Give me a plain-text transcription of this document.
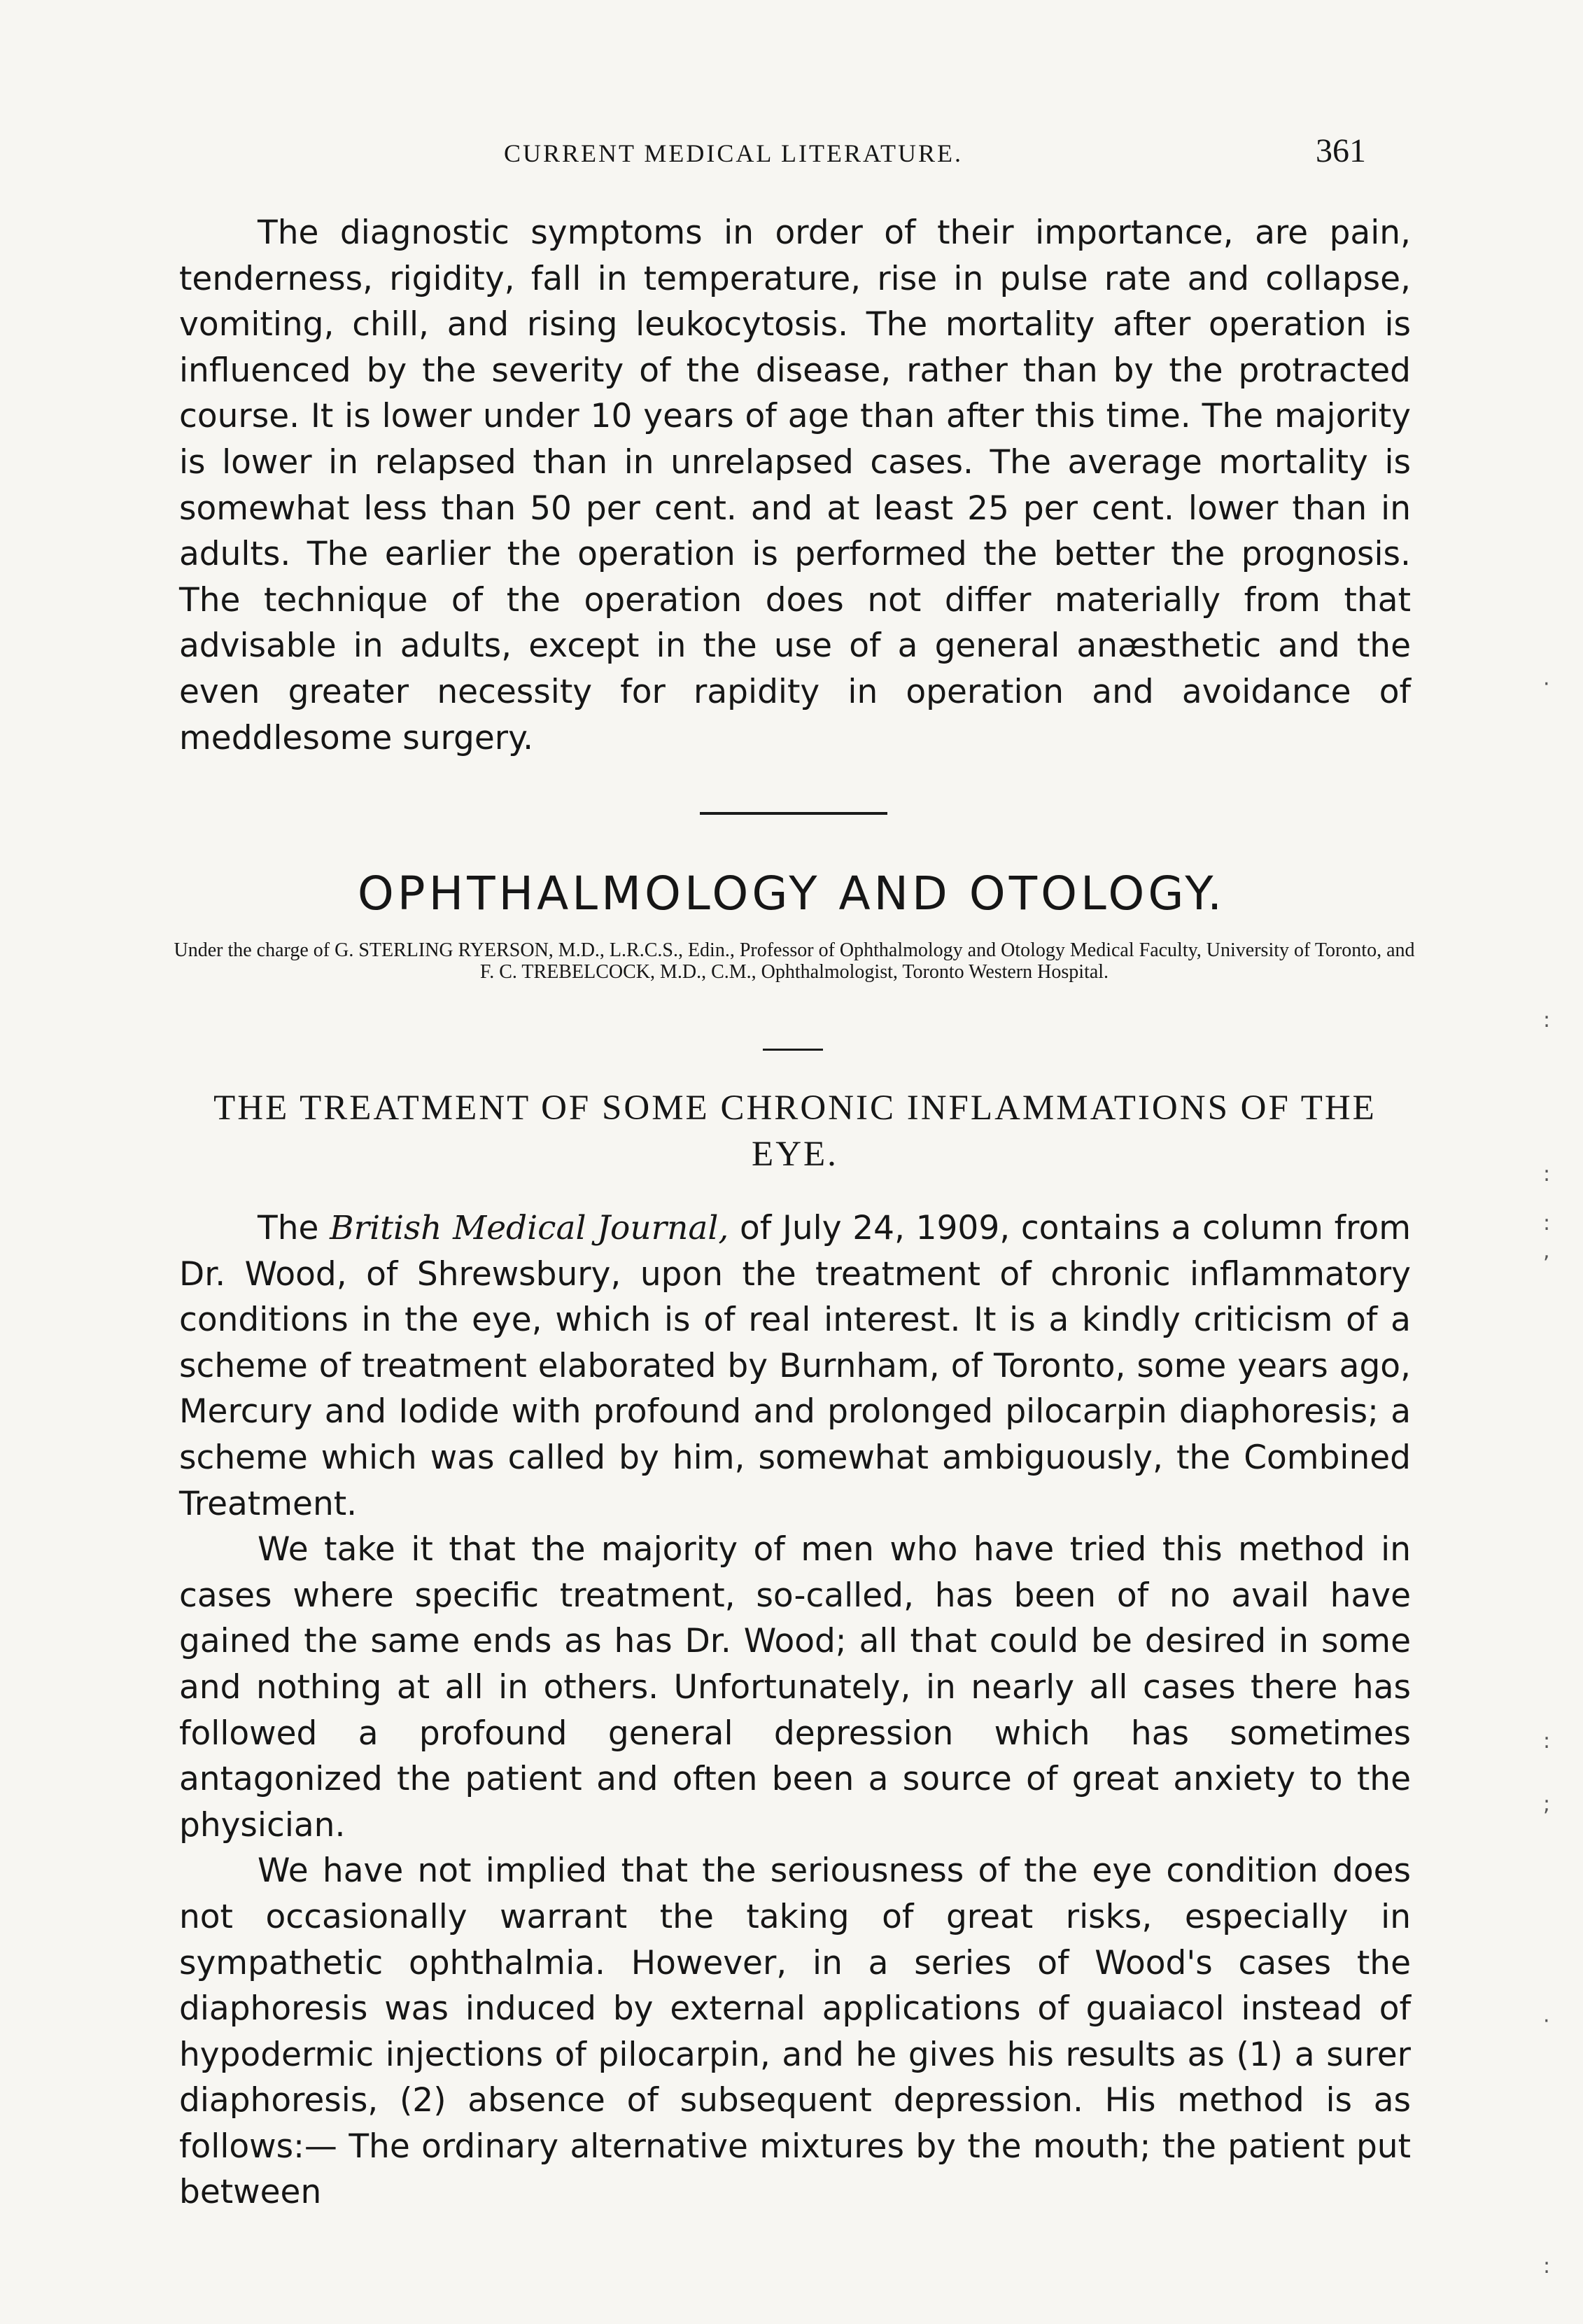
CURRENT MEDICAL LITERATURE.	361

The diagnostic symptoms in order of their importance, are pain, tenderness, rigidity, fall in temperature, rise in pulse rate and collapse, vomiting, chill, and rising leukocytosis. The mortality after operation is influenced by the severity of the disease, rather than by the protracted course. It is lower under 10 years of age than after this time. The majority is lower in relapsed than in unrelapsed cases. The average mortality is somewhat less than 50 per cent. and at least 25 per cent. lower than in adults. The earlier the operation is performed the better the prognosis. The technique of the operation does not differ materially from that advisable in adults, except in the use of a general anæsthetic and the even greater necessity for rapidity in operation and avoidance of meddlesome surgery.

OPHTHALMOLOGY AND OTOLOGY.
Under the charge of G. STERLING RYERSON, M.D., L.R.C.S., Edin., Professor of Ophthalmology and Otology Medical Faculty, University of Toronto, and F. C. TREBELCOCK, M.D., C.M., Ophthalmologist, Toronto Western Hospital.
THE TREATMENT OF SOME CHRONIC INFLAMMATIONS OF THE EYE.

The British Medical Journal, of July 24, 1909, contains a column from Dr. Wood, of Shrewsbury, upon the treatment of chronic inflammatory conditions in the eye, which is of real interest. It is a kindly criticism of a scheme of treatment elaborated by Burnham, of Toronto, some years ago, Mercury and Iodide with profound and prolonged pilocarpin diaphoresis; a scheme which was called by him, somewhat ambiguously, the Combined Treatment.

We take it that the majority of men who have tried this method in cases where specific treatment, so-called, has been of no avail have gained the same ends as has Dr. Wood; all that could be desired in some and nothing at all in others. Unfortunately, in nearly all cases there has followed a profound general depression which has sometimes antagonized the patient and often been a source of great anxiety to the physician.

We have not implied that the seriousness of the eye condition does not occasionally warrant the taking of great risks, especially in sympathetic ophthalmia. However, in a series of Wood's cases the diaphoresis was induced by external applications of guaiacol instead of hypodermic injections of pilocarpin, and he gives his results as (1) a surer diaphoresis, (2) absence of subsequent depression. His method is as follows:— The ordinary alternative mixtures by the mouth; the patient put between

·
:
:
:
,
:
;
·
:
